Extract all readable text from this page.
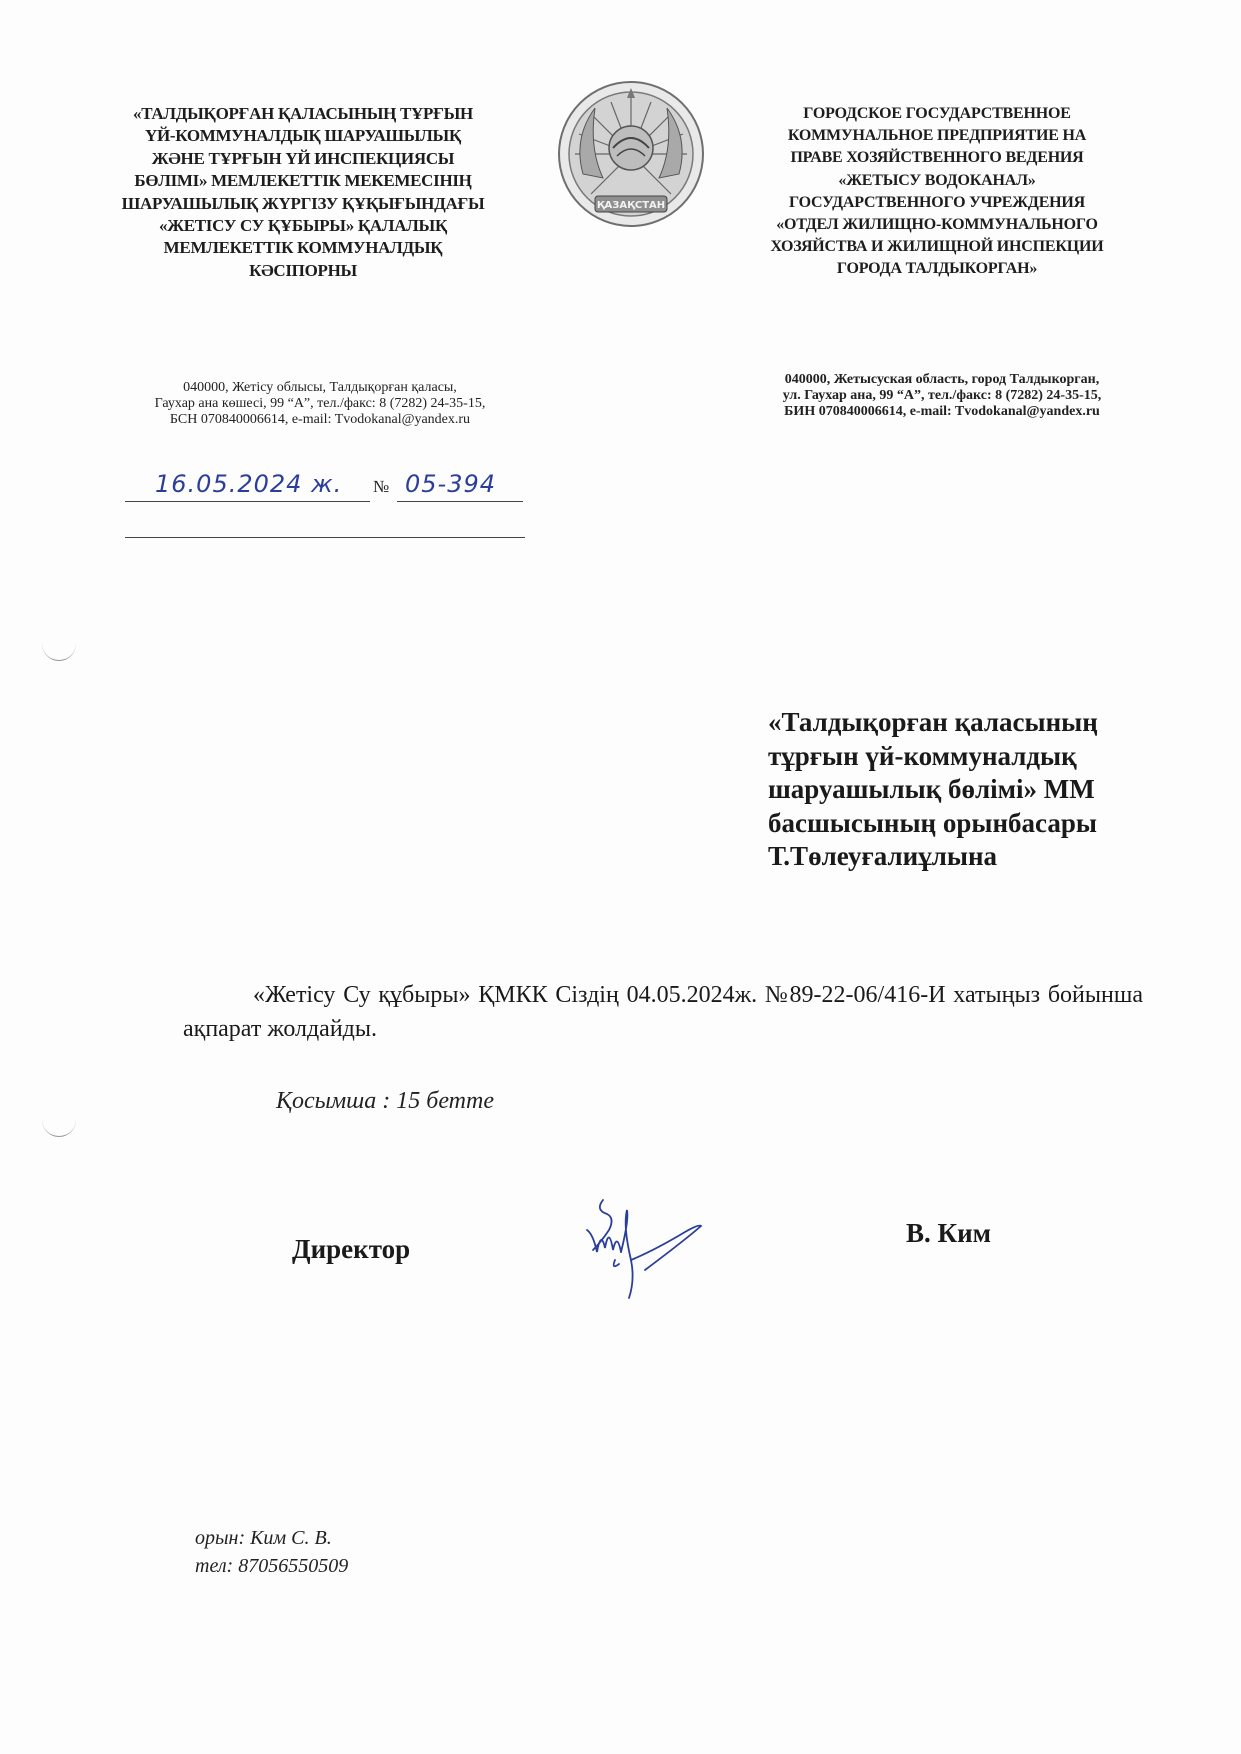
«ТАЛДЫҚОРҒАН ҚАЛАСЫНЫҢ ТҰРҒЫН
ҮЙ-КОММУНАЛДЫҚ ШАРУАШЫЛЫҚ
ЖӘНЕ ТҰРҒЫН ҮЙ ИНСПЕКЦИЯСЫ
БӨЛІМІ» МЕМЛЕКЕТТІК МЕКЕМЕСІНІҢ
ШАРУАШЫЛЫҚ ЖҮРГІЗУ ҚҰҚЫҒЫНДАҒЫ
«ЖЕТІСУ СУ ҚҰБЫРЫ» ҚАЛАЛЫҚ
МЕМЛЕКЕТТІК КОММУНАЛДЫҚ
КӘСІПОРНЫ
ҚАЗАҚСТАН
ГОРОДСКОЕ ГОСУДАРСТВЕННОЕ
КОММУНАЛЬНОЕ ПРЕДПРИЯТИЕ НА
ПРАВЕ ХОЗЯЙСТВЕННОГО ВЕДЕНИЯ
«ЖЕТЫСУ ВОДОКАНАЛ»
ГОСУДАРСТВЕННОГО УЧРЕЖДЕНИЯ
«ОТДЕЛ ЖИЛИЩНО-КОММУНАЛЬНОГО
ХОЗЯЙСТВА И ЖИЛИЩНОЙ ИНСПЕКЦИИ
ГОРОДА ТАЛДЫКОРГАН»
040000, Жетісу облысы, Талдықорған қаласы,
Гаухар ана көшесі, 99 “А”, тел./факс: 8 (7282) 24-35-15,
БСН 070840006614, e-mail: Tvodokanal@yandex.ru
040000, Жетысуская область, город Талдыкорган,
ул. Гаухар ана, 99 “А”, тел./факс: 8 (7282) 24-35-15,
БИН 070840006614, e-mail: Tvodokanal@yandex.ru
16.05.2024 ж. № 05-394
«Талдықорған қаласының
тұрғын үй-коммуналдық
шаруашылық бөлімі» ММ
басшысының орынбасары
Т.Төлеуғалиұлына
«Жетісу Су құбыры» ҚМКК Сіздің 04.05.2024ж. №89-22-06/416-И хатыңыз бойынша ақпарат жолдайды.
Қосымша : 15 бетте
Директор
В. Ким
орын: Ким С. В.
тел: 87056550509
